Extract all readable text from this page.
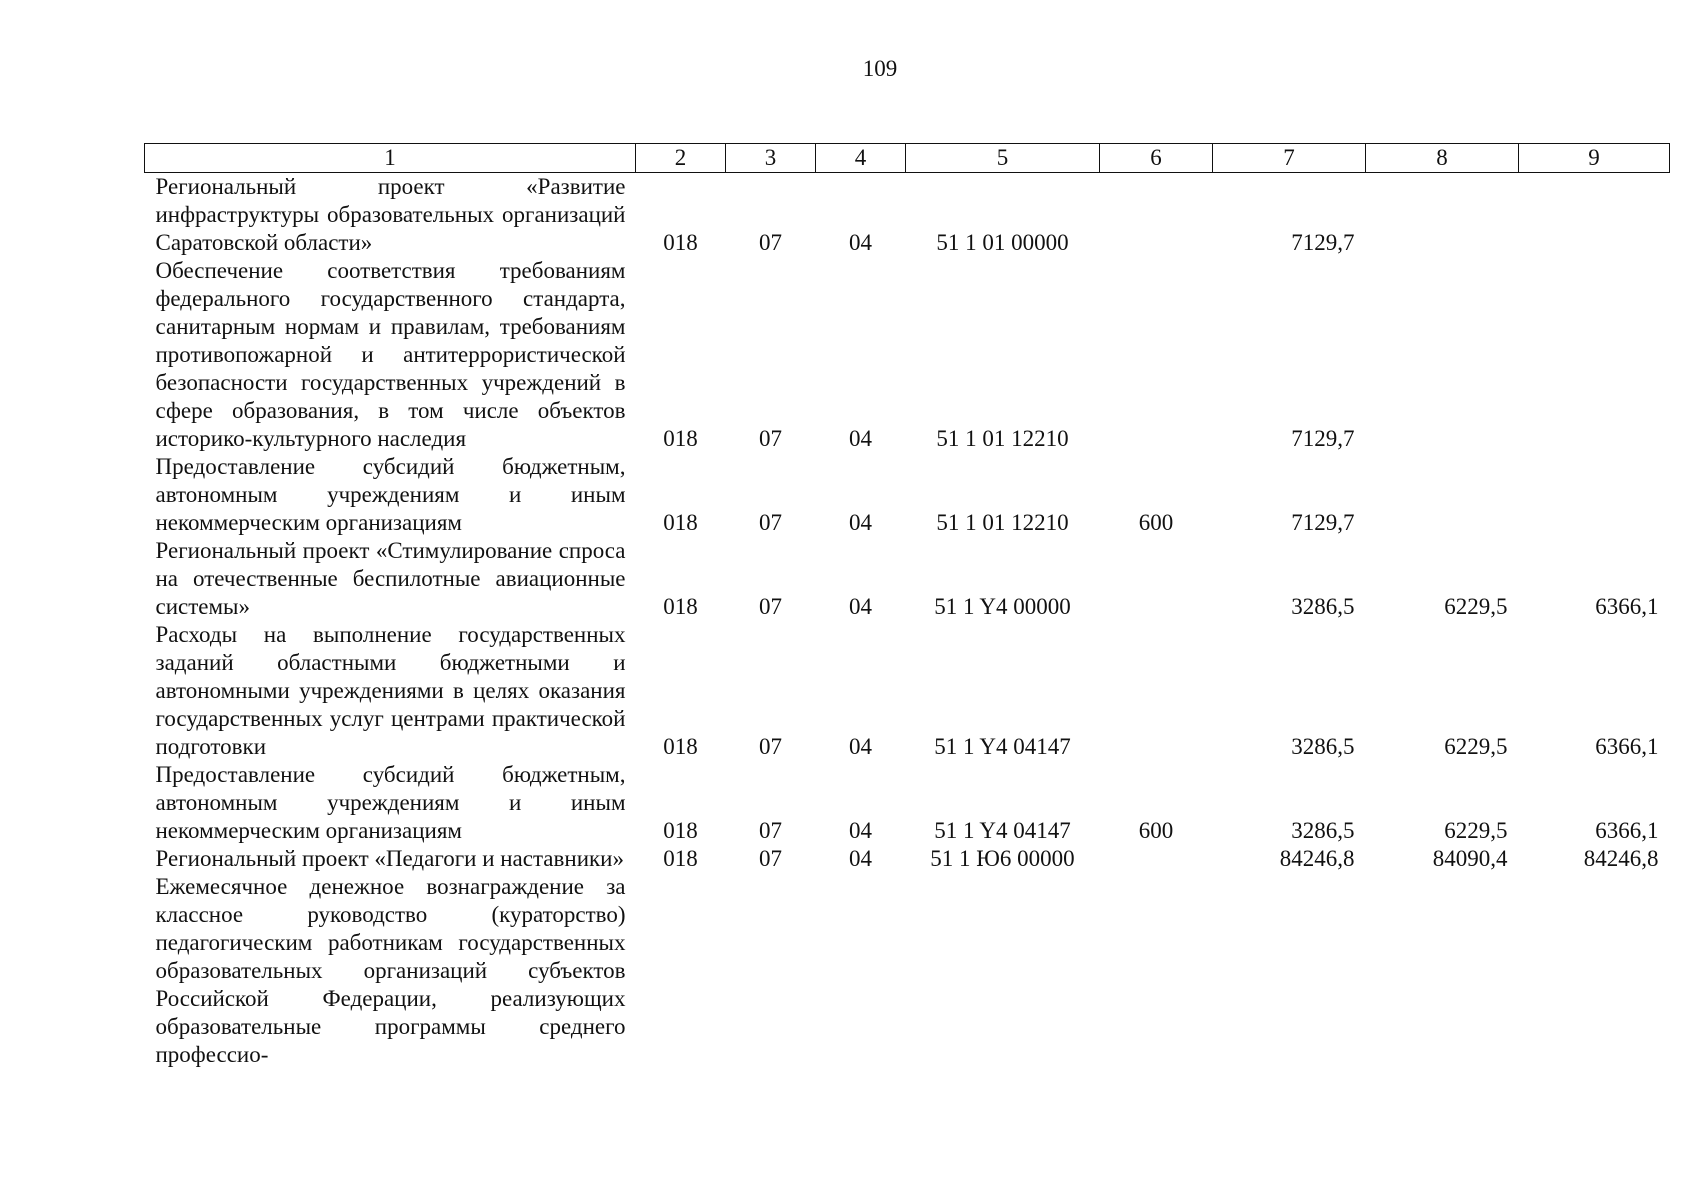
109
1	2	3	4	5	6	7	8	9
Региональный проект «Развитие инфраструктуры образовательных организаций Саратовской области»	018	07	04	51 1 01 00000		7129,7		
Обеспечение соответствия требованиям федерального государственного стандарта, санитарным нормам и правилам, требованиям противопожарной и антитеррористической безопасности государственных учреждений в сфере образования, в том числе объектов историко-культурного наследия	018	07	04	51 1 01 12210		7129,7		
Предоставление субсидий бюджетным, автономным учреждениям и иным некоммерческим организациям	018	07	04	51 1 01 12210	600	7129,7		
Региональный проект «Стимулирование спроса на отечественные беспилотные авиационные системы»	018	07	04	51 1 Y4 00000		3286,5	6229,5	6366,1
Расходы на выполнение государственных заданий областными бюджетными и автономными учреждениями в целях оказания государственных услуг центрами практической подготовки	018	07	04	51 1 Y4 04147		3286,5	6229,5	6366,1
Предоставление субсидий бюджетным, автономным учреждениям и иным некоммерческим организациям	018	07	04	51 1 Y4 04147	600	3286,5	6229,5	6366,1
Региональный проект «Педагоги и наставники»	018	07	04	51 1 Ю6 00000		84246,8	84090,4	84246,8
Ежемесячное денежное вознаграждение за классное руководство (кураторство) педагогическим работникам государственных образовательных организаций субъектов Российской Федерации, реализующих образовательные программы среднего профессио-								
